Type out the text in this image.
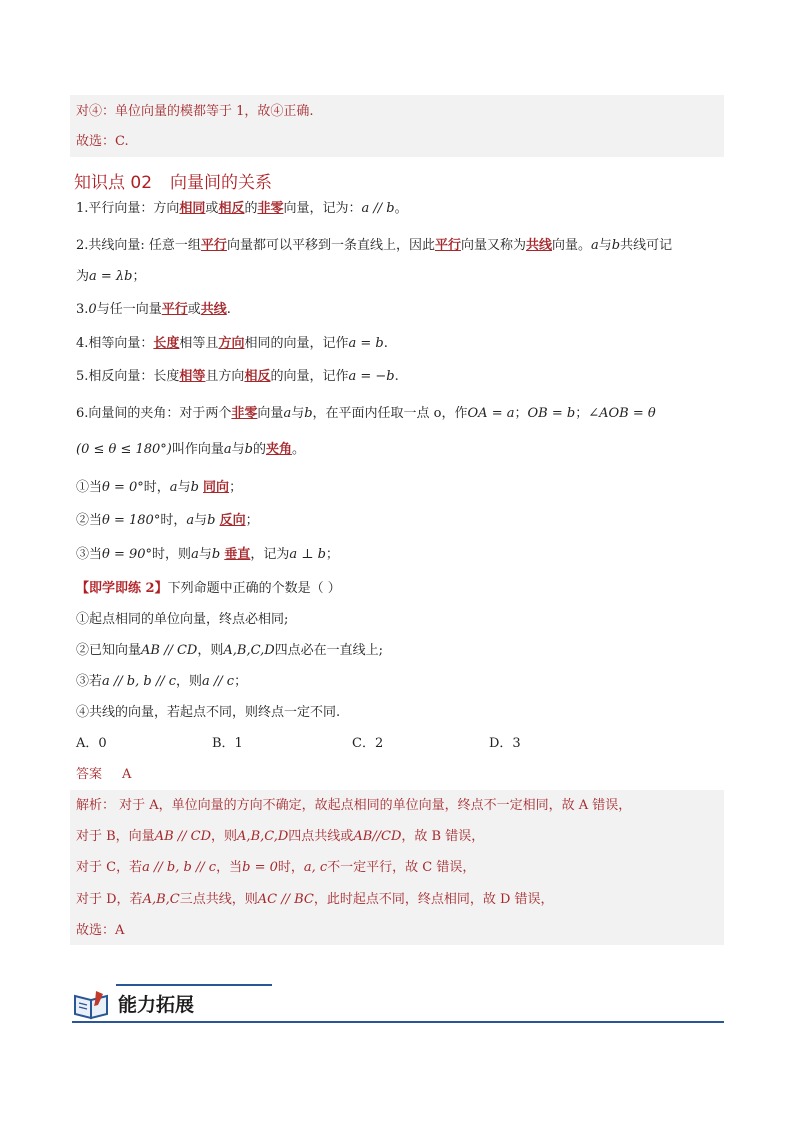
对④：单位向量的模都等于 1，故④正确.
故选：C.
知识点 02 向量间的关系
1.平行向量：方向相同或相反的非零向量，记为：a // b。
2.共线向量: 任意一组平行向量都可以平移到一条直线上，因此平行向量又称为共线向量。a与b共线可记
为a = λb；
3.0与任一向量平行或共线.
4.相等向量：长度相等且方向相同的向量，记作a = b.
5.相反向量：长度相等且方向相反的向量，记作a = −b.
6.向量间的夹角：对于两个非零向量a与b，在平面内任取一点 o，作OA = a；OB = b；∠AOB = θ
(0 ≤ θ ≤ 180°)叫作向量a与b的夹角。
①当θ = 0°时，a与b 同向；
②当θ = 180°时，a与b 反向；
③当θ = 90°时，则a与b 垂直，记为a ⊥ b；
【即学即练 2】下列命题中正确的个数是（ ）
①起点相同的单位向量，终点必相同;
②已知向量AB // CD，则A,B,C,D四点必在一直线上;
③若a // b, b // c，则a // c；
④共线的向量，若起点不同，则终点一定不同.
A．0	B．1	C．2	D．3
答案 A
解析： 对于 A，单位向量的方向不确定，故起点相同的单位向量，终点不一定相同，故 A 错误，
对于 B，向量AB // CD，则A,B,C,D四点共线或AB//CD，故 B 错误，
对于 C，若a // b, b // c，当b = 0时，a, c不一定平行，故 C 错误，
对于 D，若A,B,C三点共线，则AC // BC，此时起点不同，终点相同，故 D 错误，
故选：A
能力拓展
